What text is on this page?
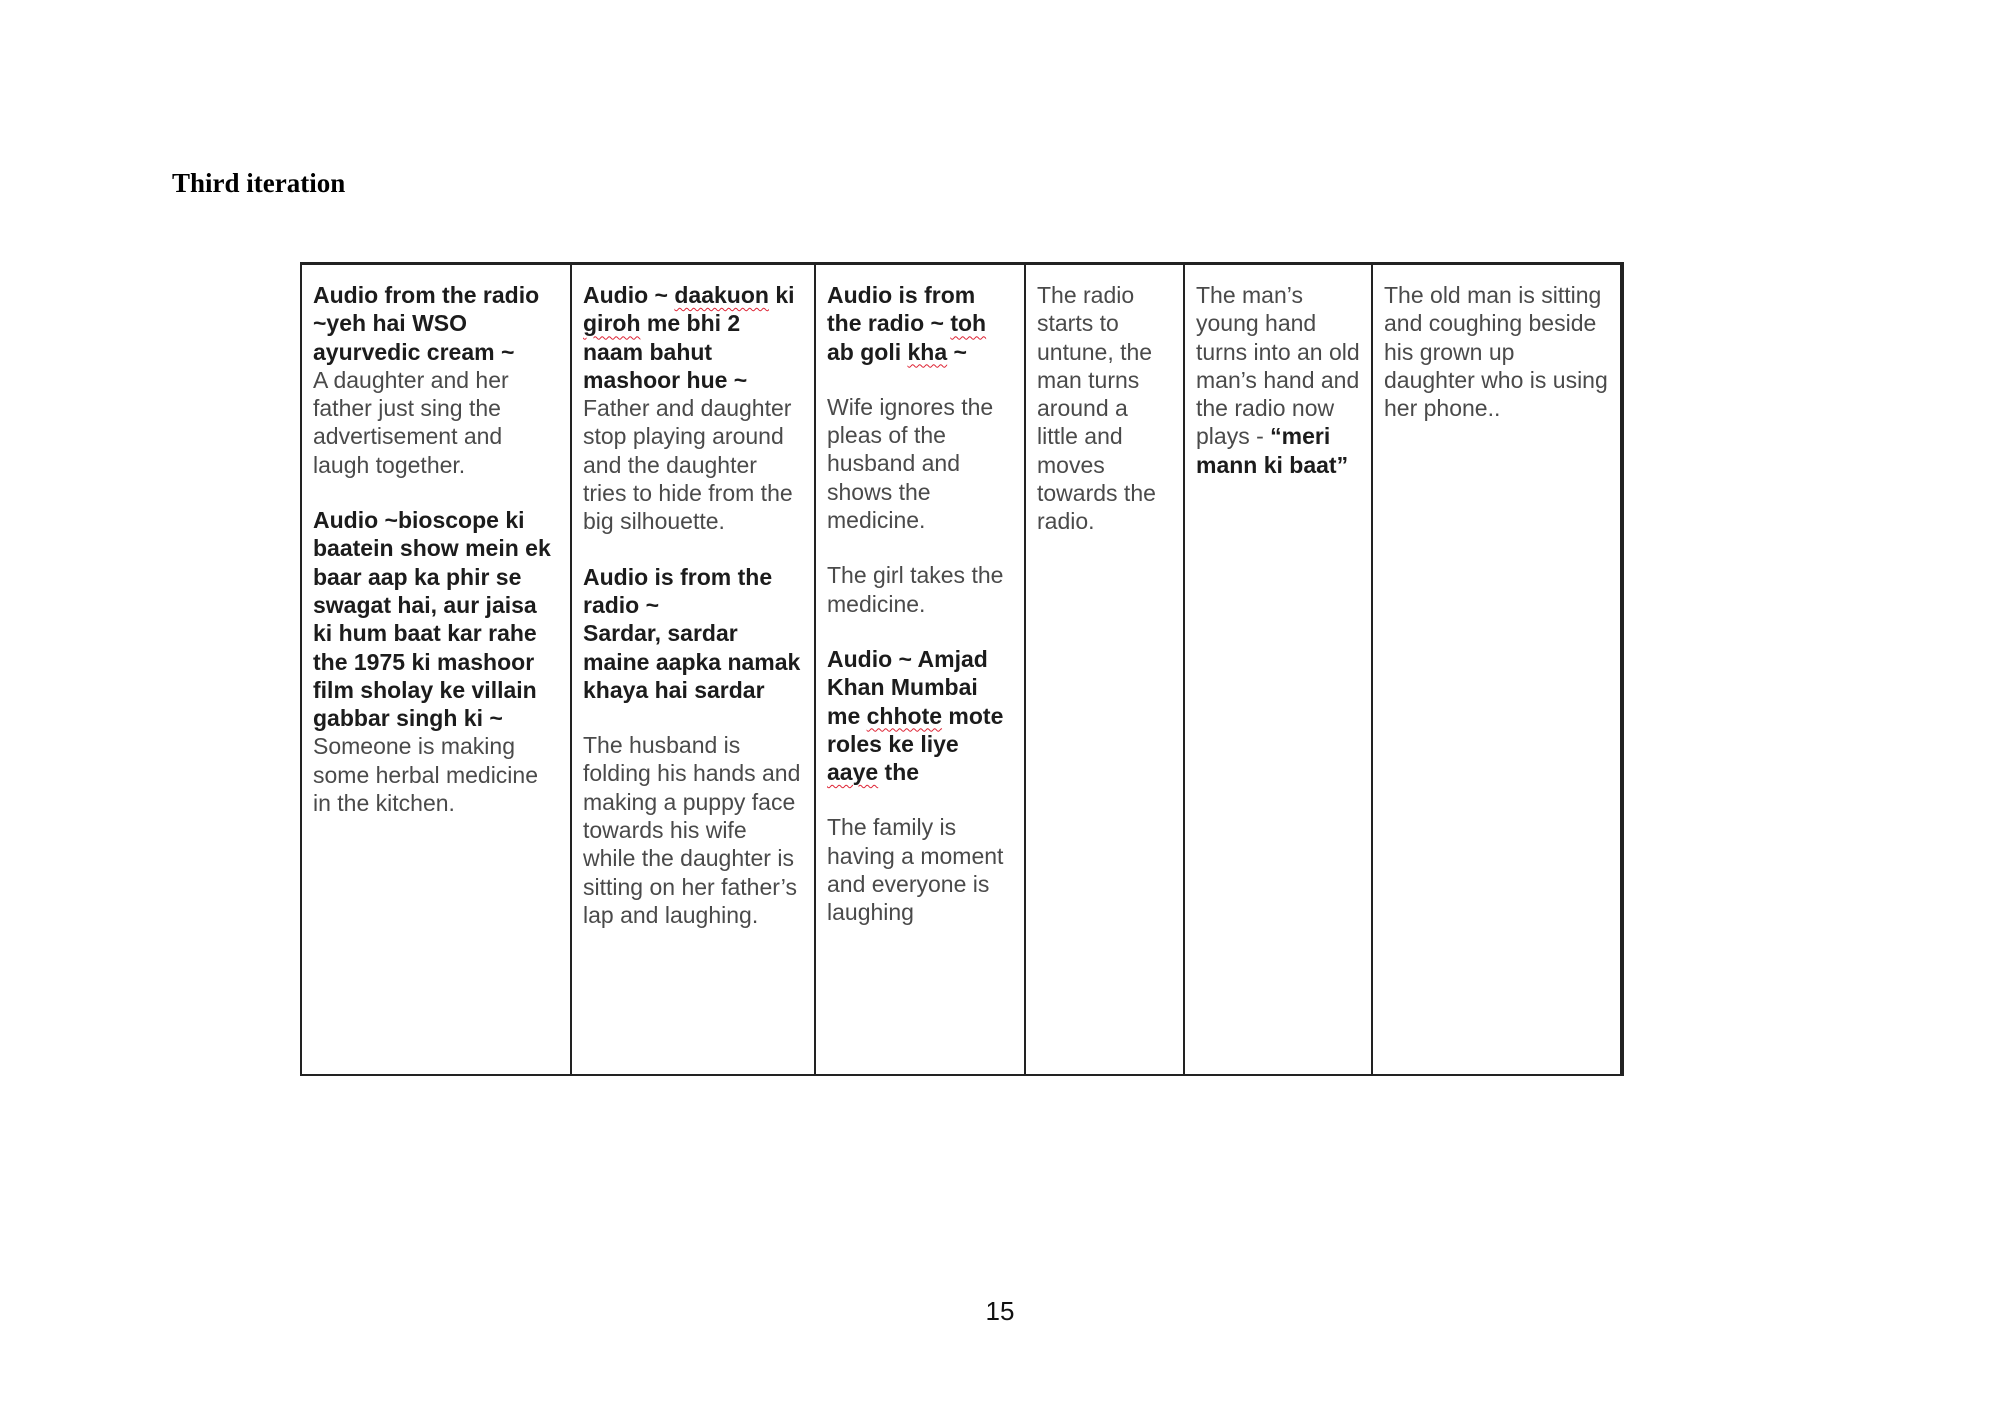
Third iteration

Audio from the radio ~yeh hai WSO ayurvedic cream ~

A daughter and her father just sing the advertisement and laugh together.

Audio ~bioscope ki baatein show mein ek baar aap ka phir se swagat hai, aur jaisa ki hum baat kar rahe the 1975 ki mashoor film sholay ke villain gabbar singh ki ~

Someone is making some herbal medicine in the kitchen.

Audio ~ daakuon ki giroh me bhi 2 naam bahut mashoor hue ~

Father and daughter stop playing around and the daughter tries to hide from the big silhouette.

Audio is from the radio ~

Sardar, sardar maine aapka namak khaya hai sardar

The husband is folding his hands and making a puppy face towards his wife while the daughter is sitting on her father’s lap and laughing.

Audio is from the radio ~ toh ab goli kha ~

Wife ignores the pleas of the husband and shows the medicine.

The girl takes the medicine.

Audio ~ Amjad Khan Mumbai me chhote mote roles ke liye aaye the

The family is having a moment and everyone is laughing

The radio starts to untune, the man turns around a little and moves towards the radio.

The man’s young hand turns into an old man’s hand and the radio now plays - “meri mann ki baat”

The old man is sitting and coughing beside his grown up daughter who is using her phone..

15
